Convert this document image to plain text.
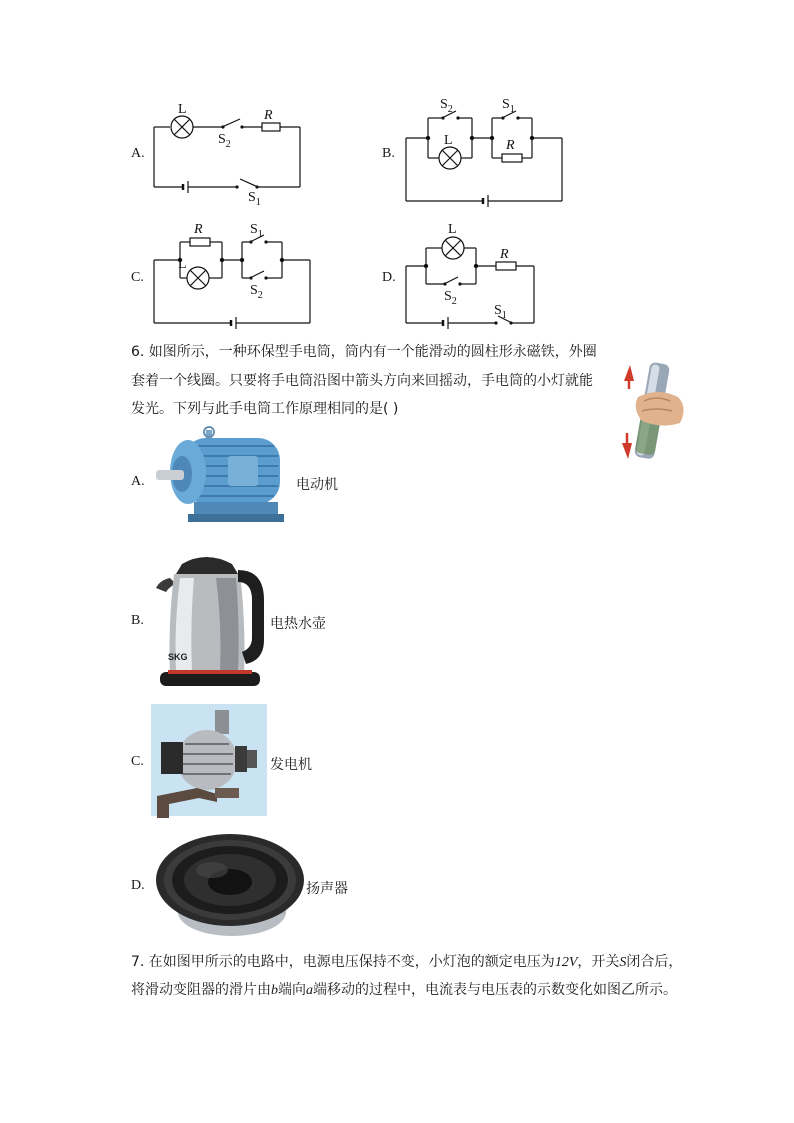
A.
L
$S_2$
R
$S_1$
B.
$S_2$
L
$S_1$
R
C.
R
L
$S_1$
$S_2$
D.
L
R
$S_2$
$S_1$
6. 如图所示，一种环保型手电筒，筒内有一个能滑动的圆柱形永磁铁，外圈
套着一个线圈。只要将手电筒沿图中箭头方向来回摇动，手电筒的小灯就能
发光。下列与此手电筒工作原理相同的是( )
A.	电动机
B.
SKG
电热水壶
C.	发电机
D.	扬声器
7. 在如图甲所示的电路中，电源电压保持不变，小灯泡的额定电压为12V，开关S闭合后，
将滑动变阻器的滑片由b端向a端移动的过程中，电流表与电压表的示数变化如图乙所示。
